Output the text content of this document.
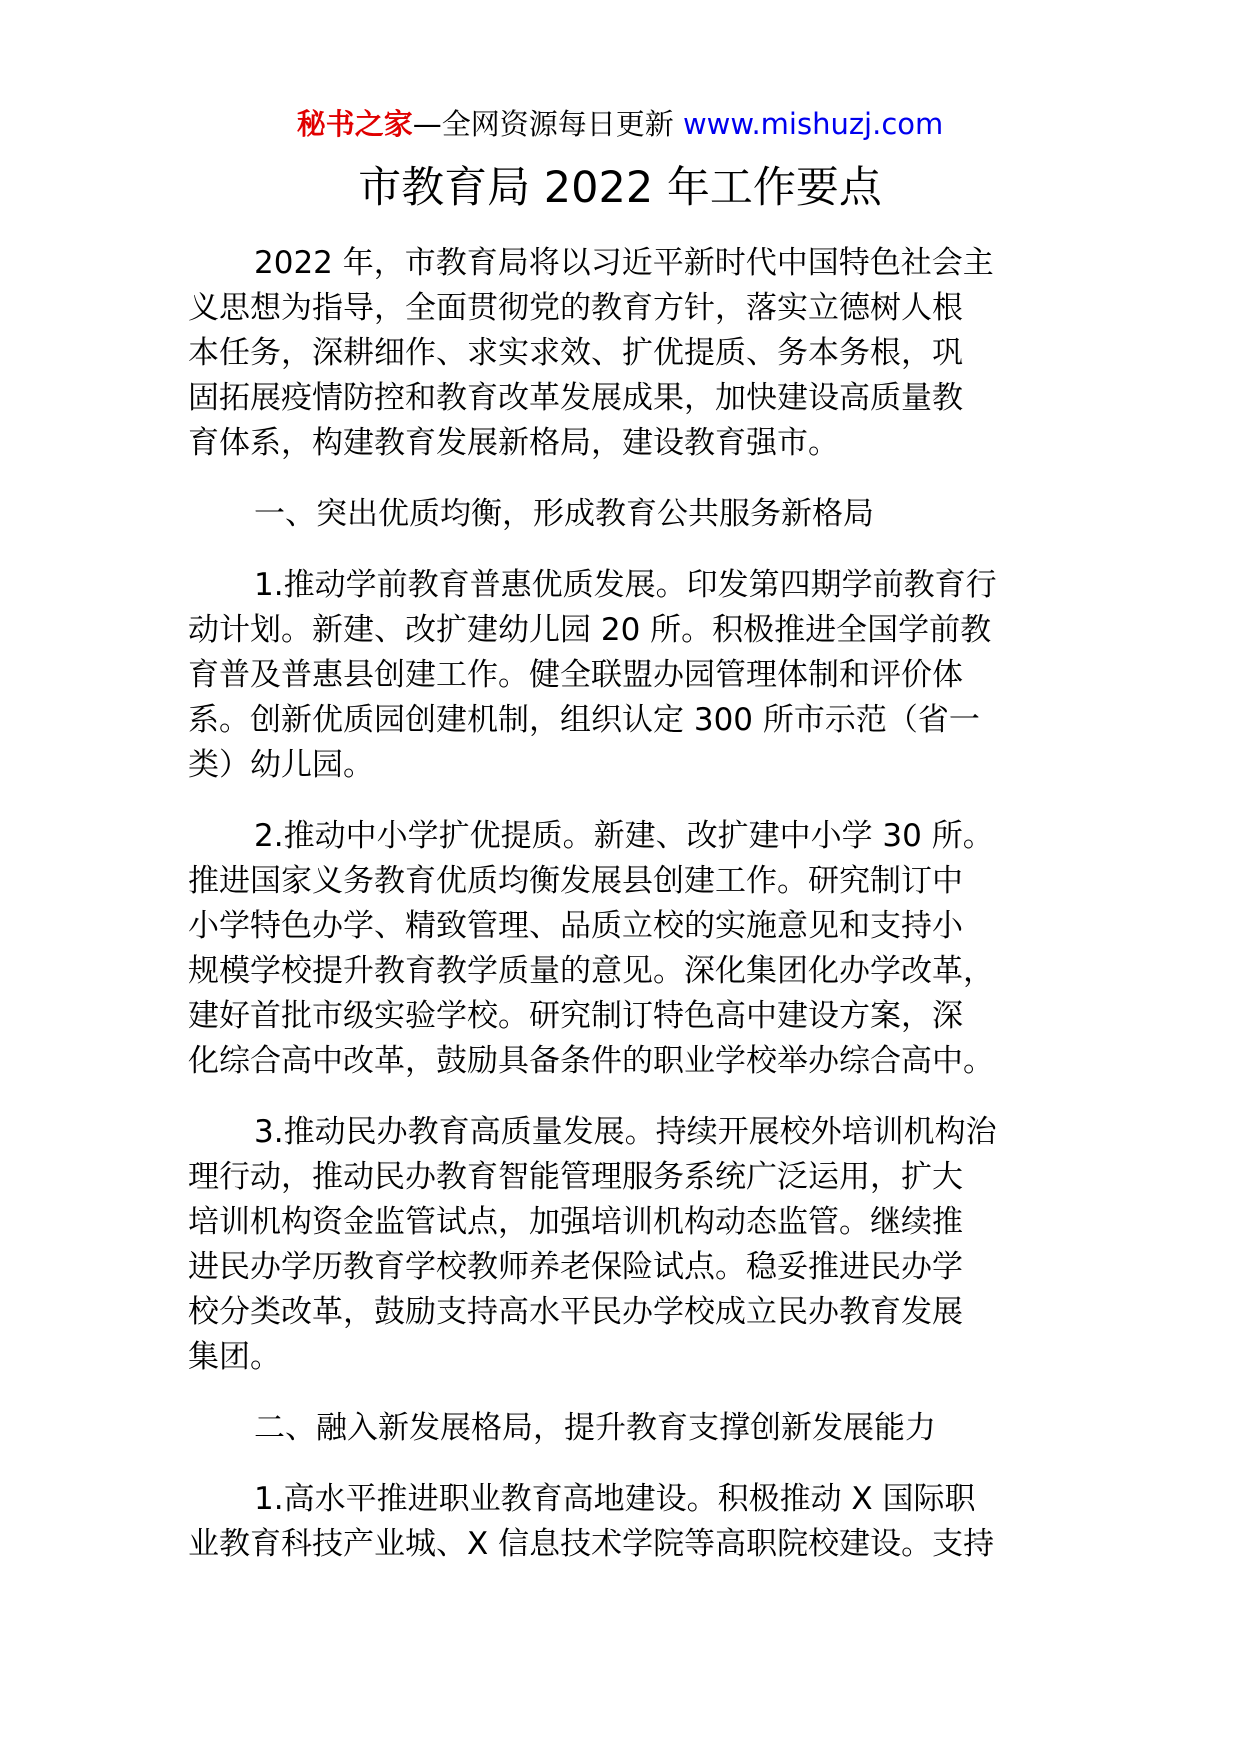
秘书之家—全网资源每日更新 www.mishuzj.com
市教育局 2022 年工作要点

2022 年，市教育局将以习近平新时代中国特色社会主
义思想为指导，全面贯彻党的教育方针，落实立德树人根
本任务，深耕细作、求实求效、扩优提质、务本务根，巩
固拓展疫情防控和教育改革发展成果，加快建设高质量教
育体系，构建教育发展新格局，建设教育强市。

一、突出优质均衡，形成教育公共服务新格局

1.推动学前教育普惠优质发展。印发第四期学前教育行
动计划。新建、改扩建幼儿园 20 所。积极推进全国学前教
育普及普惠县创建工作。健全联盟办园管理体制和评价体
系。创新优质园创建机制，组织认定 300 所市示范（省一
类）幼儿园。

2.推动中小学扩优提质。新建、改扩建中小学 30 所。
推进国家义务教育优质均衡发展县创建工作。研究制订中
小学特色办学、精致管理、品质立校的实施意见和支持小
规模学校提升教育教学质量的意见。深化集团化办学改革，
建好首批市级实验学校。研究制订特色高中建设方案，深
化综合高中改革，鼓励具备条件的职业学校举办综合高中。

3.推动民办教育高质量发展。持续开展校外培训机构治
理行动，推动民办教育智能管理服务系统广泛运用，扩大
培训机构资金监管试点，加强培训机构动态监管。继续推
进民办学历教育学校教师养老保险试点。稳妥推进民办学
校分类改革，鼓励支持高水平民办学校成立民办教育发展
集团。

二、融入新发展格局，提升教育支撑创新发展能力

1.高水平推进职业教育高地建设。积极推动 X 国际职
业教育科技产业城、X 信息技术学院等高职院校建设。支持
